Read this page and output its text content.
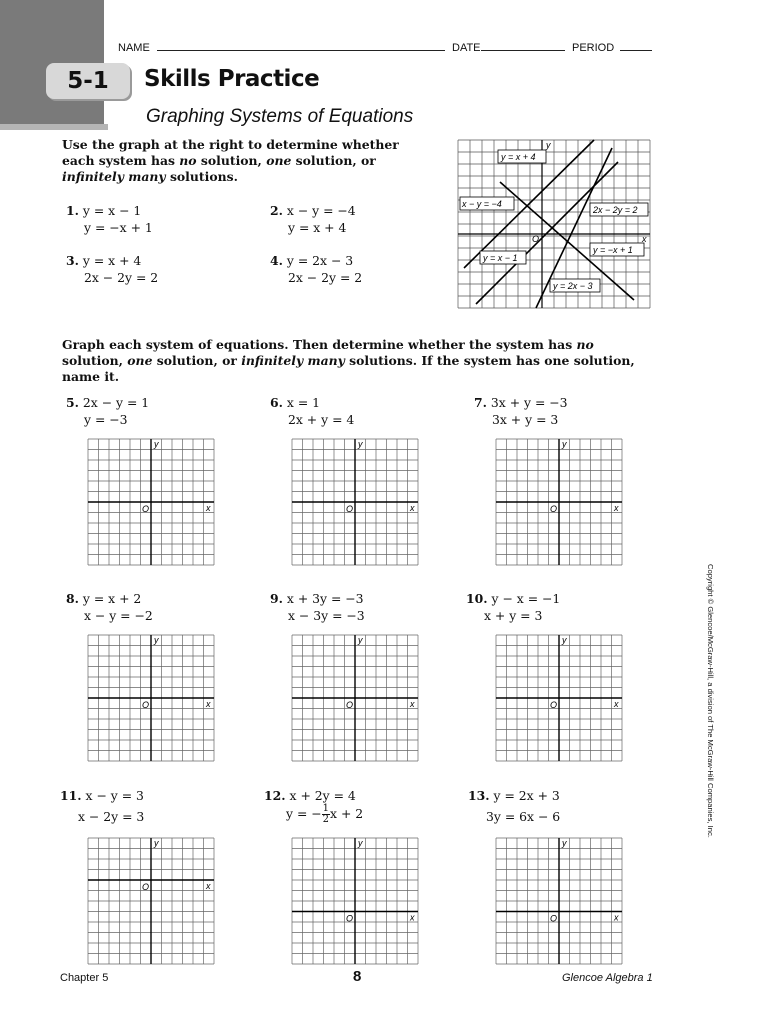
NAME	DATE	PERIOD
5-1	Skills Practice
Graphing Systems of Equations
Use the graph at the right to determine whether
each system has no solution, one solution, or
infinitely many solutions.
1. y = x − 1
y = −x + 1
2. x − y = −4
y = x + 4
3. y = x + 4
2x − 2y = 2
4. y = 2x − 3
2x − 2y = 2
y = x + 4
x − y = −4
2x − 2y = 2
y = −x + 1
y = x − 1
y = 2x − 3
x
y
O
Graph each system of equations. Then determine whether the system has no
solution, one solution, or infinitely many solutions. If the system has one solution,
name it.
5. 2x − y = 1
y = −3
6. x = 1
2x + y = 4
7. 3x + y = −3
3x + y = 3
8. y = x + 2
x − y = −2
9. x + 3y = −3
x − 3y = −3
10. y − x = −1
x + y = 3
11. x − y = 3
x − 2y = 3
12. x + 2y = 4
y = − $\frac{1}{2}$ x + 2
13. y = 2x + 3
3y = 6x − 6	Copyright © Glencoe/McGraw-Hill, a division of The McGraw-Hill Companies, Inc.
Chapter 5	8	Glencoe Algebra 1
x
y
O	x
y
O	x
y
O
x
y
O	x
y
O	x
y
O
x
y
O
x
y
O	x
y
O
